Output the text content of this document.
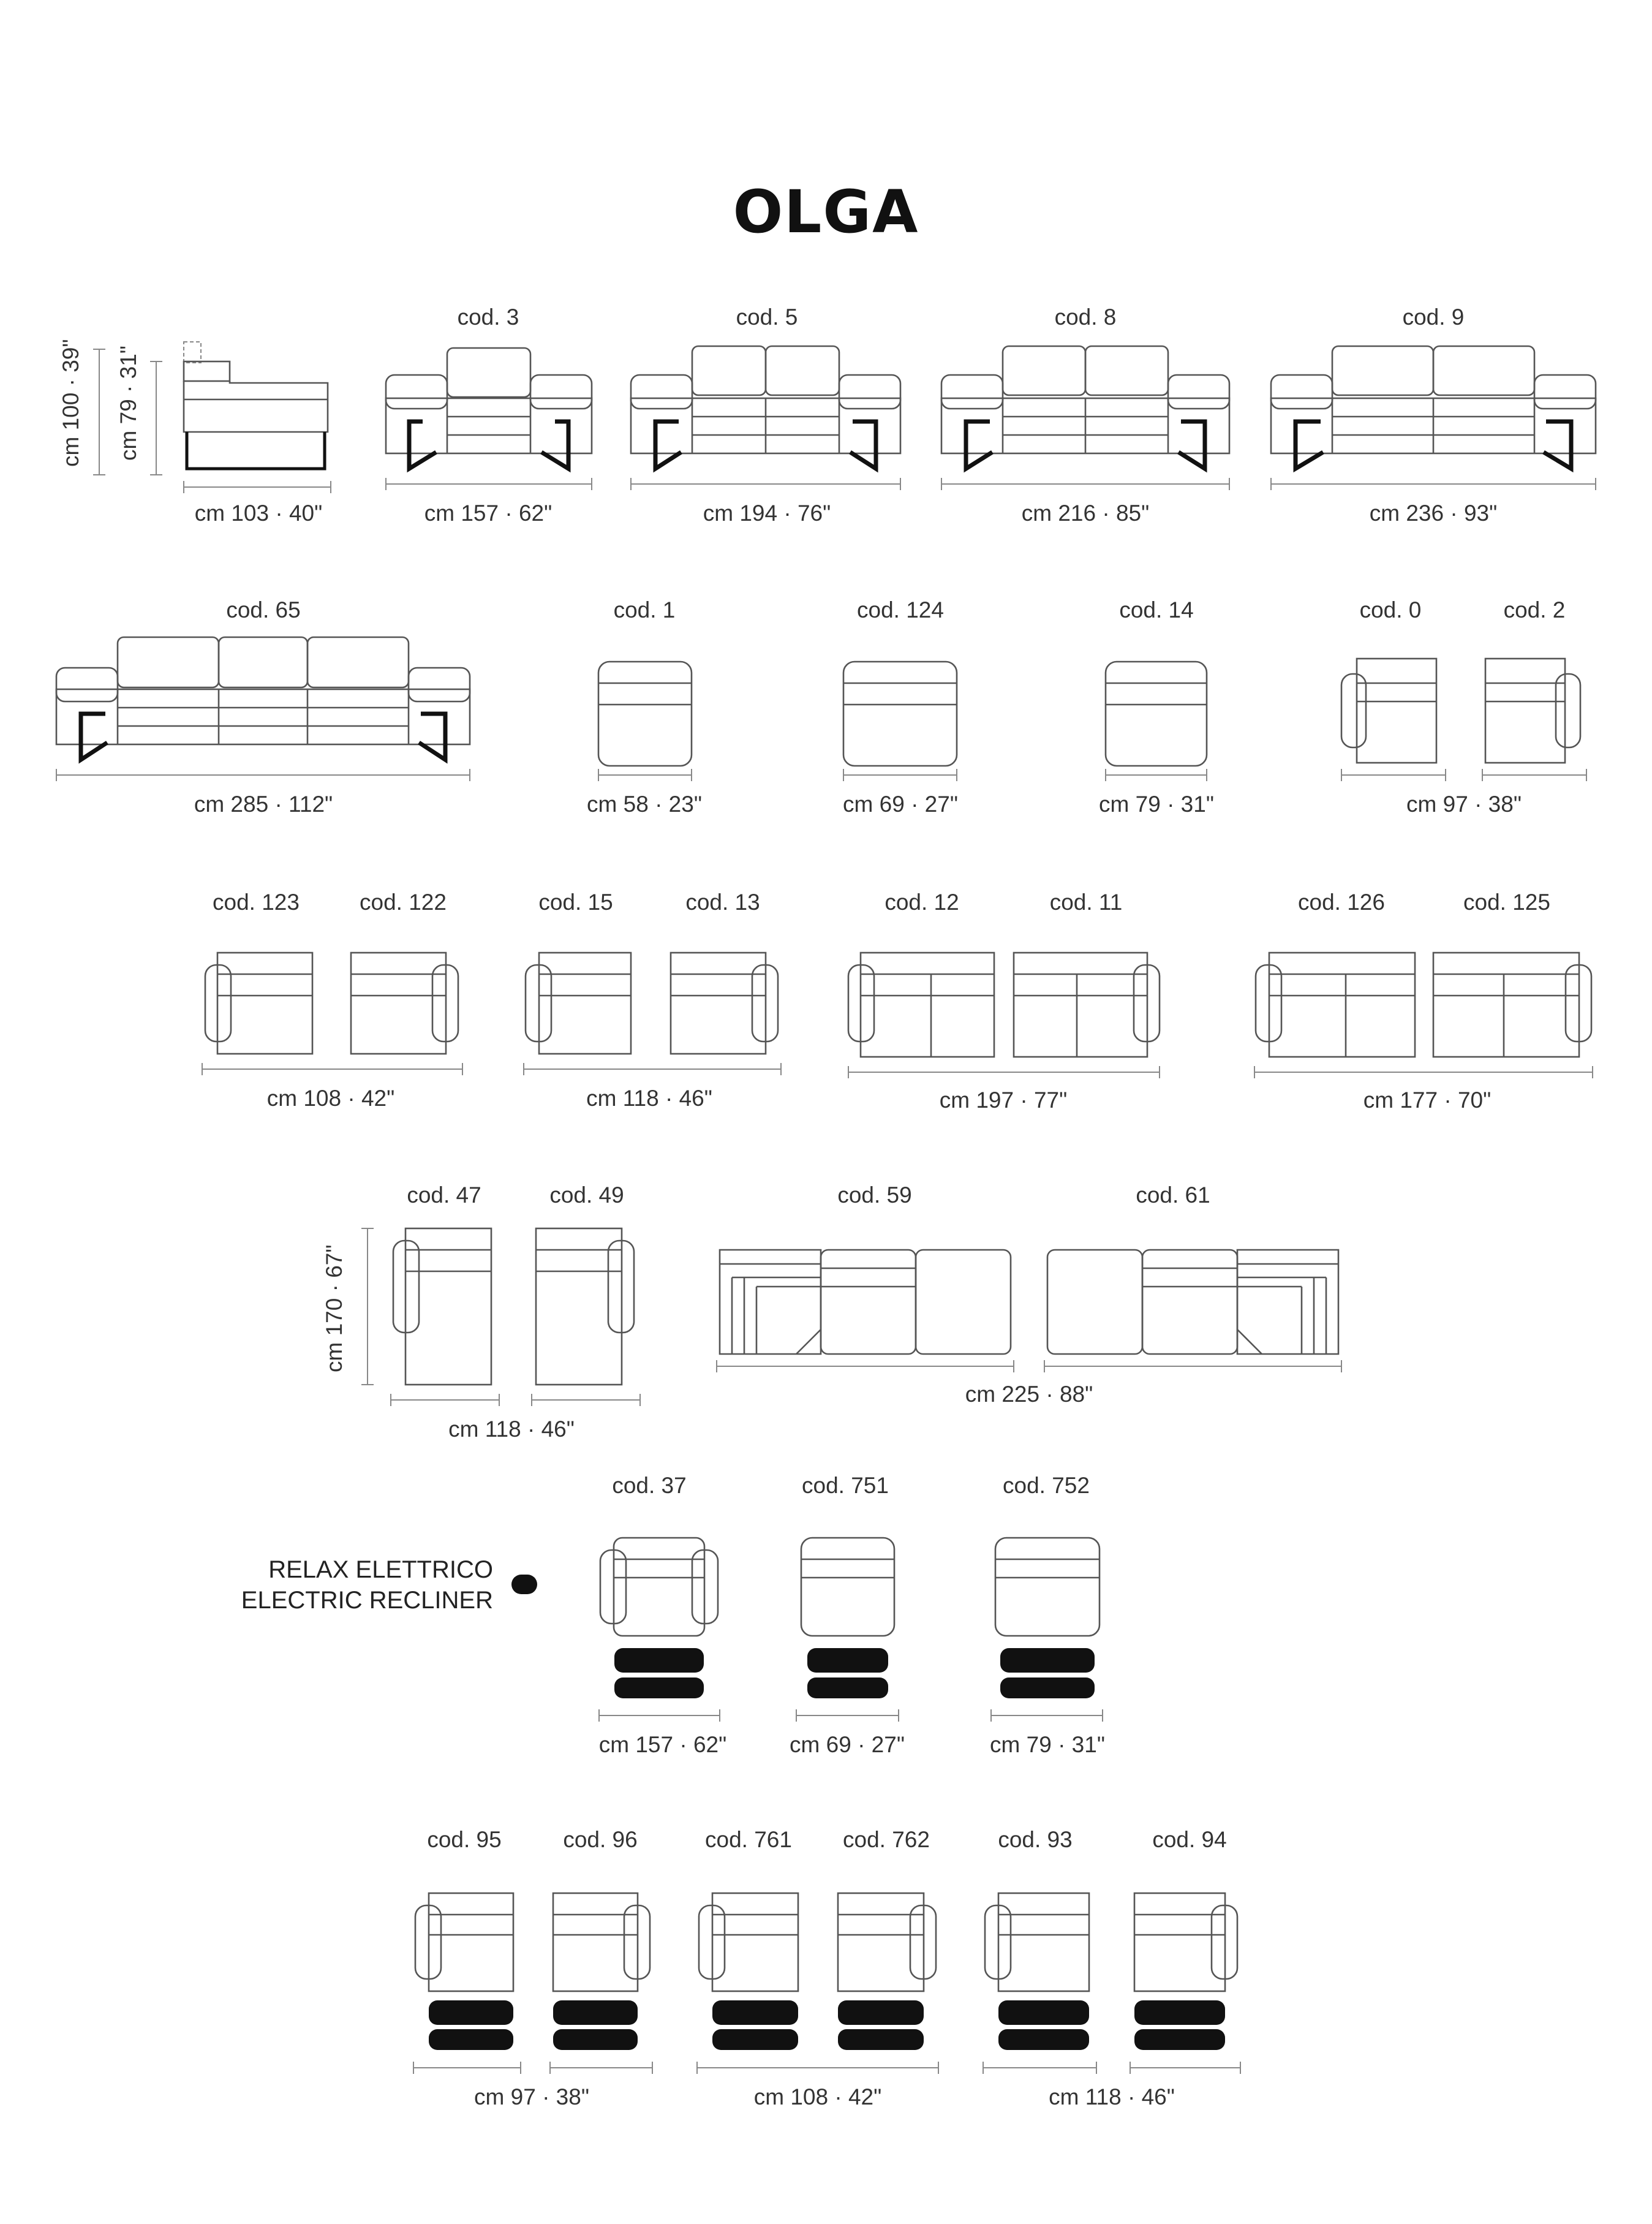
OLGA
cm 100 · 39" cm 79 · 31"
cm 103 · 40"
cod. 3
cm 157 · 62"
cod. 5
cm 194 · 76"
cod. 8
cm 216 · 85"
cod. 9
cm 236 · 93"
cod. 65
cm 285 · 112"
cod. 1
cm 58 · 23"
cod. 124
cm 69 · 27"
cod. 14
cm 79 · 31"
cod. 0	cod. 2
cm 97 · 38"
cod. 123	cod. 122
cm 108 · 42"
cod. 15	cod. 13
cm 118 · 46"
cod. 12	cod. 11
cm 197 · 77"
cod. 126	cod. 125
cm 177 · 70"
cod. 47	cod. 49
cm 170 · 67"
cm 118 · 46"
cod. 59	cod. 61
cm 225 · 88"
RELAX ELETTRICO
ELECTRIC RECLINER
cod. 37
cm 157 · 62"
cod. 751
cm 69 · 27"
cod. 752
cm 79 · 31"
cod. 95	cod. 96
cm 97 · 38"
cod. 761 cod. 762
cm 108 · 42"
cod. 93	cod. 94
cm 118 · 46"
